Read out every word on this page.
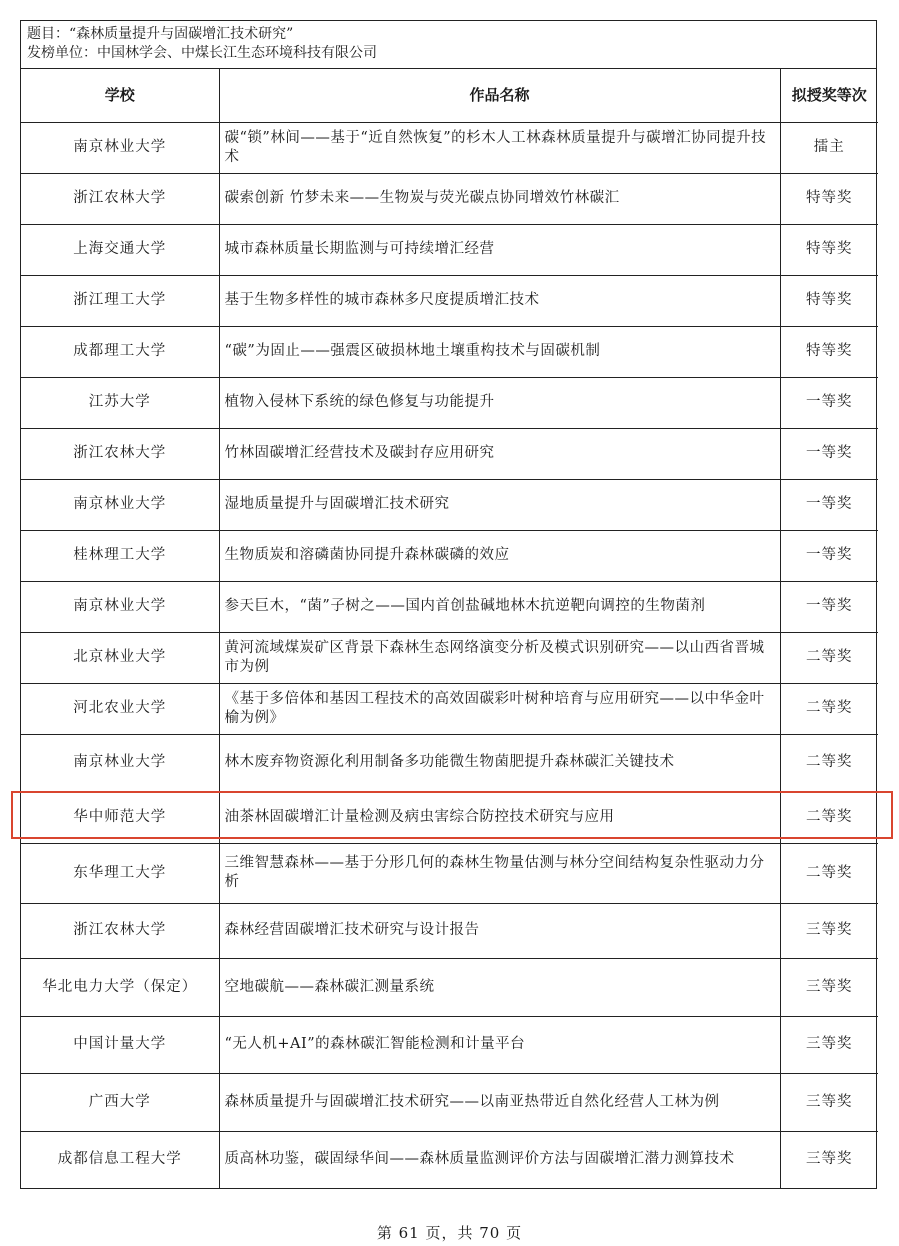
题目：“森林质量提升与固碳增汇技术研究”
发榜单位：中国林学会、中煤长江生态环境科技有限公司
学校	作品名称	拟授奖等次
南京林业大学	碳“锁”林间——基于“近自然恢复”的杉木人工林森林质量提升与碳增汇协同提升技术	擂主
浙江农林大学	碳索创新 竹梦未来——生物炭与荧光碳点协同增效竹林碳汇	特等奖
上海交通大学	城市森林质量长期监测与可持续增汇经营	特等奖
浙江理工大学	基于生物多样性的城市森林多尺度提质增汇技术	特等奖
成都理工大学	“碳”为固止——强震区破损林地土壤重构技术与固碳机制	特等奖
江苏大学	植物入侵林下系统的绿色修复与功能提升	一等奖
浙江农林大学	竹林固碳增汇经营技术及碳封存应用研究	一等奖
南京林业大学	湿地质量提升与固碳增汇技术研究	一等奖
桂林理工大学	生物质炭和溶磷菌协同提升森林碳磷的效应	一等奖
南京林业大学	参天巨木，“菌”子树之——国内首创盐碱地林木抗逆靶向调控的生物菌剂	一等奖
北京林业大学	黄河流域煤炭矿区背景下森林生态网络演变分析及模式识别研究——以山西省晋城市为例	二等奖
河北农业大学	《基于多倍体和基因工程技术的高效固碳彩叶树种培育与应用研究——以中华金叶榆为例》	二等奖
南京林业大学	林木废弃物资源化利用制备多功能微生物菌肥提升森林碳汇关键技术	二等奖
华中师范大学	油茶林固碳增汇计量检测及病虫害综合防控技术研究与应用	二等奖
东华理工大学	三维智慧森林——基于分形几何的森林生物量估测与林分空间结构复杂性驱动力分析	二等奖
浙江农林大学	森林经营固碳增汇技术研究与设计报告	三等奖
华北电力大学（保定）	空地碳航——森林碳汇测量系统	三等奖
中国计量大学	“无人机+AI”的森林碳汇智能检测和计量平台	三等奖
广西大学	森林质量提升与固碳增汇技术研究——以南亚热带近自然化经营人工林为例	三等奖
成都信息工程大学	质高林功鉴，碳固绿华间——森林质量监测评价方法与固碳增汇潜力测算技术	三等奖
第 61 页，共 70 页
